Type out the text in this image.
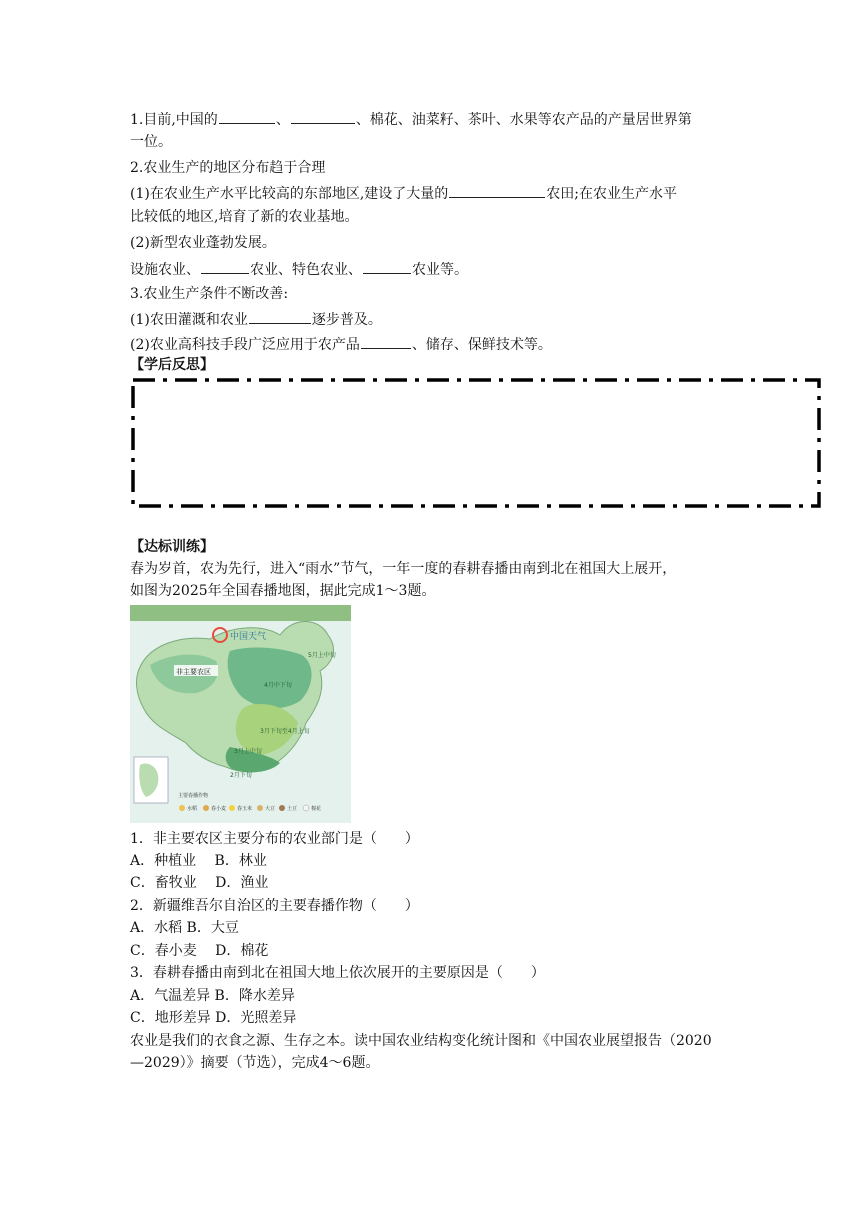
1.目前,中国的	、	、棉花、油菜籽、茶叶、水果等农产品的产量居世界第
一位。
2.农业生产的地区分布趋于合理
(1)在农业生产水平比较高的东部地区,建设了大量的	农田;在农业生产水平
比较低的地区,培育了新的农业基地。
(2)新型农业蓬勃发展。
设施农业、	农业、特色农业、	农业等。
3.农业生产条件不断改善:
(1)农田灌溉和农业	逐步普及。
(2)农业高科技手段广泛应用于农产品	、储存、保鲜技术等。
【学后反思】
【达标训练】
春为岁首，农为先行，进入“雨水”节气，一年一度的春耕春播由南到北在祖国大上展开，
如图为2025年全国春播地图，据此完成1～3题。
中国天气
非主要农区
5月上中旬
4月中下旬
3月下旬至4月上旬
3月上中旬
2月下旬
主要春播作物
水稻	春小麦 春玉米	大豆 土豆	棉花
1．非主要农区主要分布的农业部门是（　　）
A．种植业　 B．林业
C．畜牧业　 D．渔业
2．新疆维吾尔自治区的主要春播作物（　　）
A．水稻 B．大豆
C．春小麦　 D．棉花
3．春耕春播由南到北在祖国大地上依次展开的主要原因是（　　）
A．气温差异 B．降水差异
C．地形差异 D．光照差异
农业是我们的衣食之源、生存之本。读中国农业结构变化统计图和《中国农业展望报告（2020
—2029）》摘要（节选），完成4～6题。
